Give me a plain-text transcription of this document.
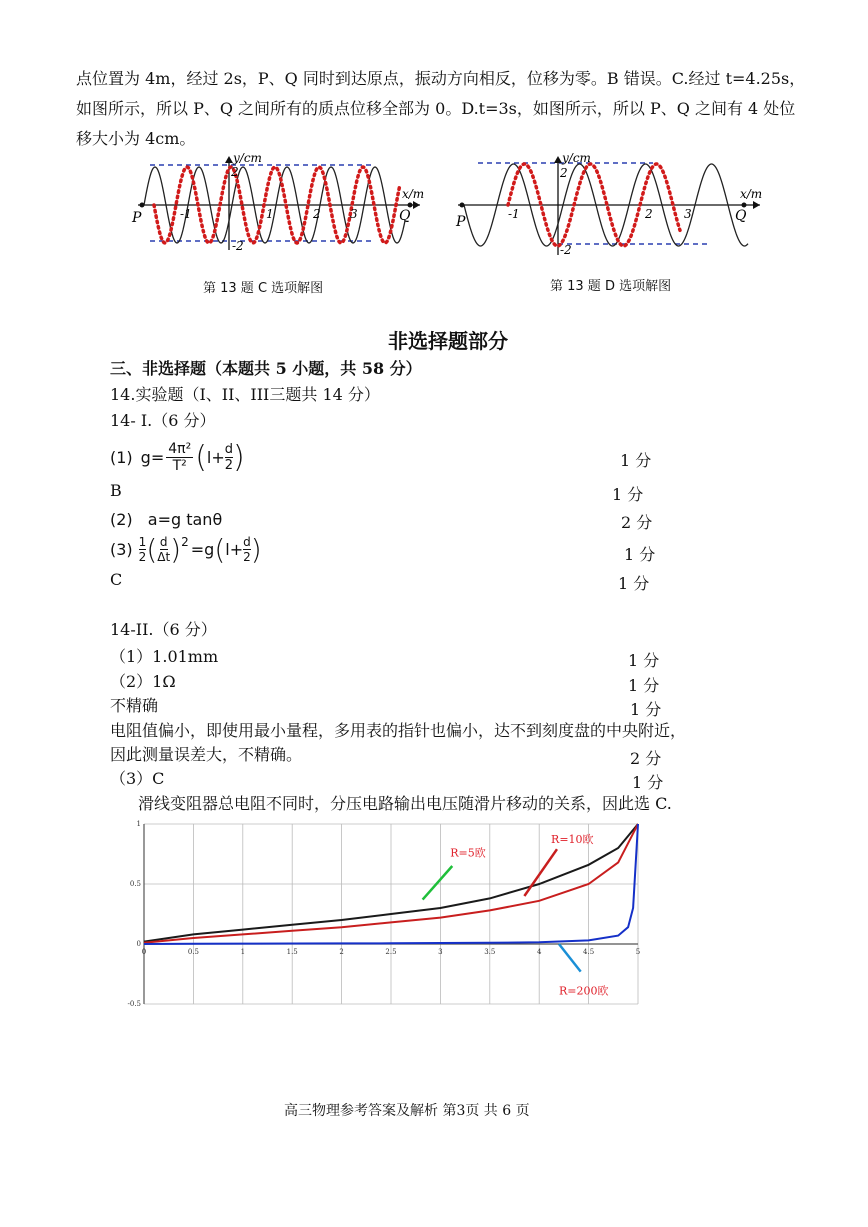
点位置为 4m，经过 2s，P、Q 同时到达原点，振动方向相反，位移为零。B 错误。C.经过 t=4.25s，
如图所示，所以 P、Q 之间所有的质点位移全部为 0。D.t=3s，如图所示，所以 P、Q 之间有 4 处位
移大小为 4cm。
y/cm
x/m
P	Q
2
-2
-1	1	2 3
第 13 题 C 选项解图
y/cm
x/m
P	Q
2
-2
-1	2	3
第 13 题 D 选项解图
非选择题部分
三、非选择题（本题共 5 小题，共 58 分）
14.实验题（I、II、III三题共 14 分）
14- I.（6 分）
(1) $g= \frac{\text{4π²}}{\text{T²}}$ ( $l+ \frac{d}{2}$ )	1 分
B	1 分
(2) a=g tanθ	2 分
(3) 1
2 ( d
Δt ) 2 =g ( $l+ \frac{d}{2}$ )	1 分
C	1 分
14-II.（6 分）
（1）1.01mm	1 分
（2）1Ω	1 分
不精确	1 分
电阻值偏小，即使用最小量程，多用表的指针也偏小，达不到刻度盘的中央附近，
因此测量误差大，不精确。	2 分
（3）C	1 分
滑线变阻器总电阻不同时，分压电路输出电压随滑片移动的关系，因此选 C.
0	0.5	1	1.5	2	2.5	3	3.5	4	4.5	5
-0.5
0
0.5
1
R=5欧
R=10欧
R=200欧
高三物理参考答案及解析 第3页 共 6 页
